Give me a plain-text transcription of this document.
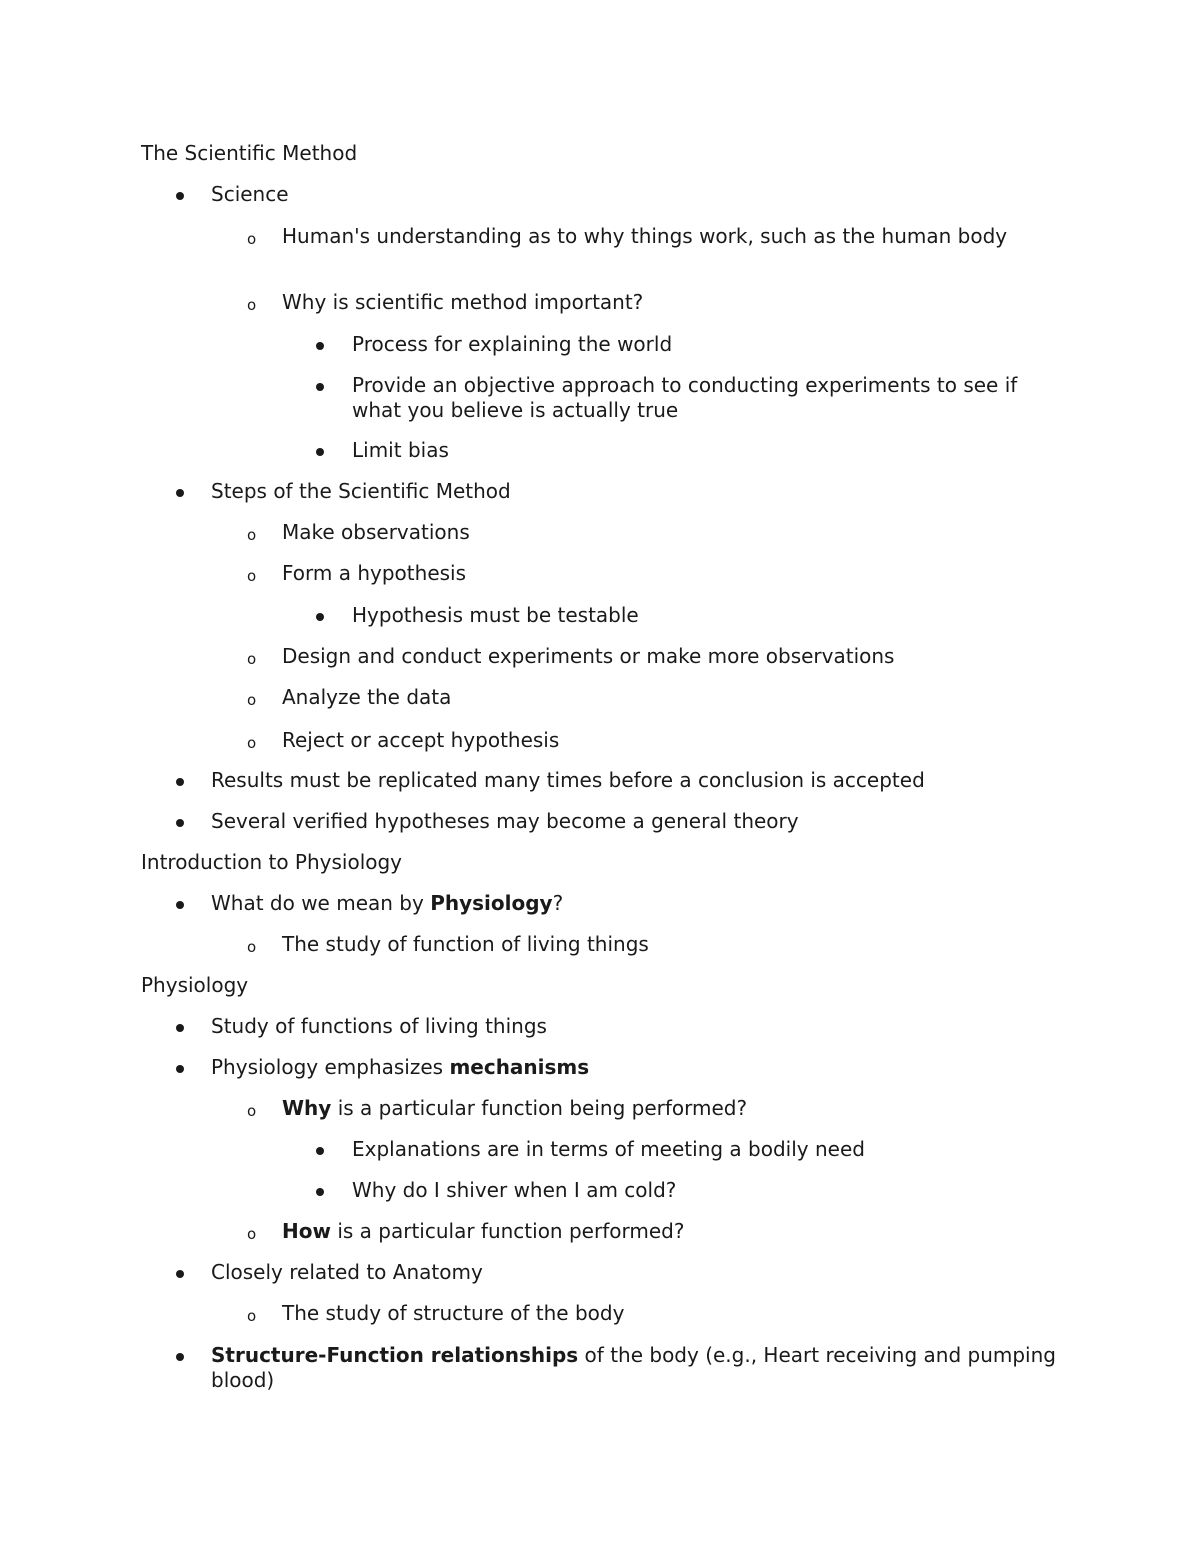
The Scientific Method
Science
o Human's understanding as to why things work, such as the human body
o Why is scientific method important?
Process for explaining the world
Provide an objective approach to conducting experiments to see if what you believe is actually true
Limit bias
Steps of the Scientific Method
o Make observations
o Form a hypothesis
Hypothesis must be testable
o Design and conduct experiments or make more observations
o Analyze the data
o Reject or accept hypothesis
Results must be replicated many times before a conclusion is accepted
Several verified hypotheses may become a general theory
Introduction to Physiology
What do we mean by Physiology?
o The study of function of living things
Physiology
Study of functions of living things
Physiology emphasizes mechanisms
o Why is a particular function being performed?
Explanations are in terms of meeting a bodily need
Why do I shiver when I am cold?
o How is a particular function performed?
Closely related to Anatomy
o The study of structure of the body
Structure-Function relationships of the body (e.g., Heart receiving and pumping blood)
